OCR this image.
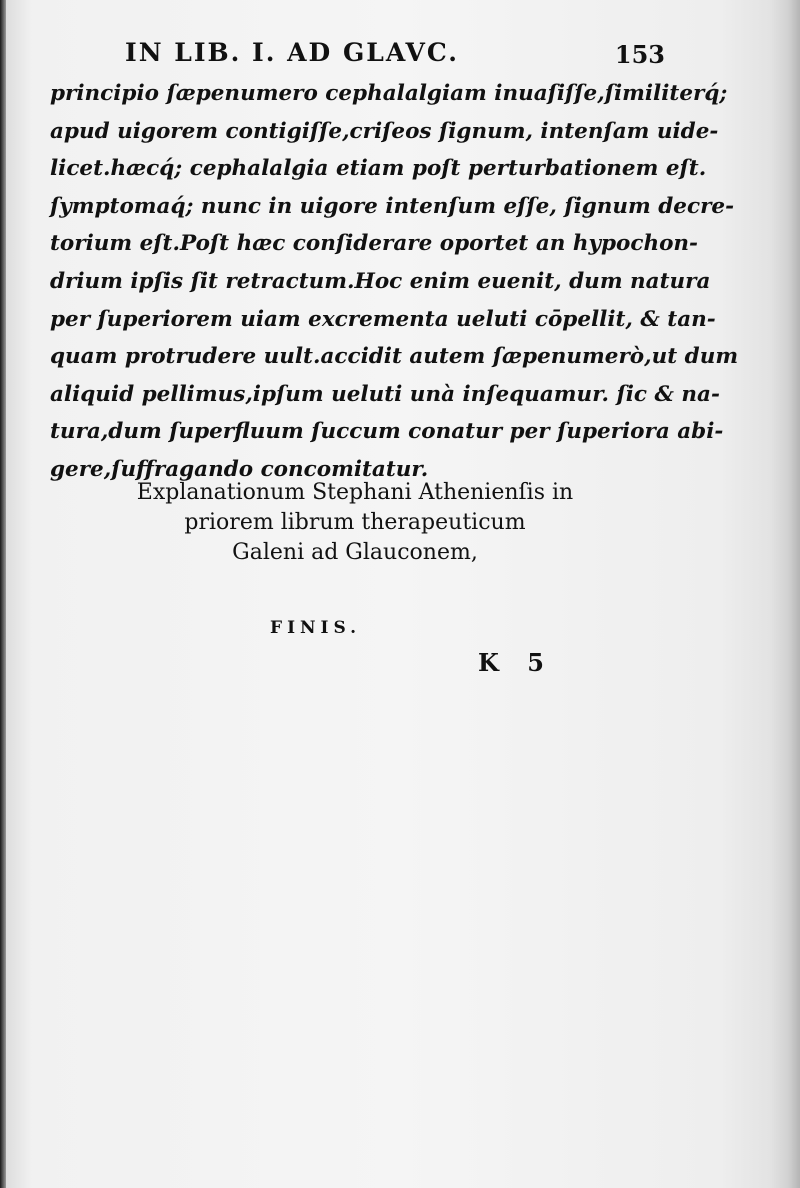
IN LIB. I. AD GLAVC.	153
principio ſæpenumero cephalalgiam inuaſiſſe,ſimiliterq́;
apud uigorem contigiſſe,criſeos ſignum, intenſam uide-
licet.hæcq́; cephalalgia etiam poſt perturbationem eſt.
ſymptomaq́; nunc in uigore intenſum eſſe, ſignum decre-
torium eſt.Poſt hæc conſiderare oportet an hypochon-
drium ipſis ſit retractum.Hoc enim euenit, dum natura
per ſuperiorem uiam excrementa ueluti cōpellit, & tan-
quam protrudere uult.accidit autem ſæpenumerò,ut dum
aliquid pellimus,ipſum ueluti unà inſequamur. ſic & na-
tura,dum ſuperfluum ſuccum conatur per ſuperiora abi-
gere,ſuffragando concomitatur.
Explanationum Stephani Athenienſis in
priorem librum therapeuticum
Galeni ad Glauconem,
FINIS.
K 5
